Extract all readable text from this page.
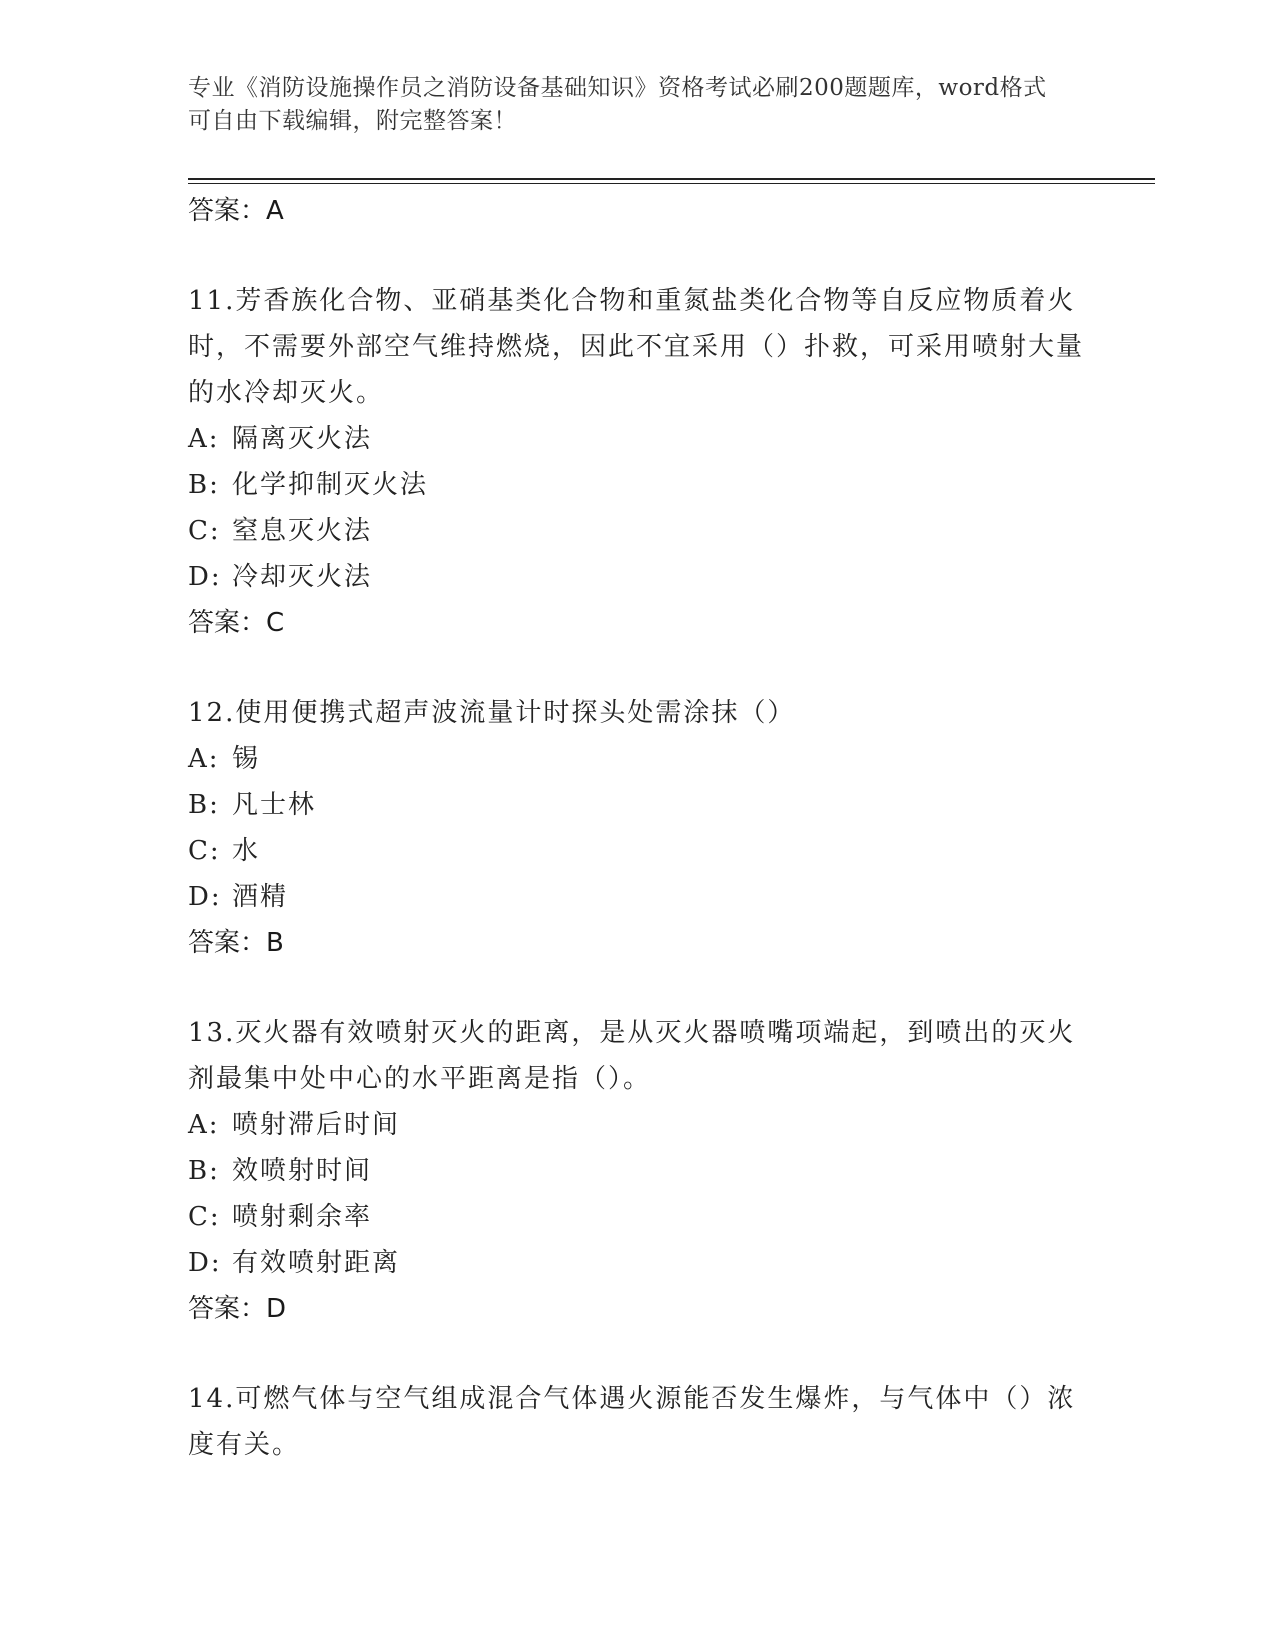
专业《消防设施操作员之消防设备基础知识》资格考试必刷200题题库，word格式可自由下载编辑，附完整答案！
答案：A

11.芳香族化合物、亚硝基类化合物和重氮盐类化合物等自反应物质着火时，不需要外部空气维持燃烧，因此不宜采用（）扑救，可采用喷射大量的水冷却灭火。

A: 隔离灭火法
B: 化学抑制灭火法
C: 窒息灭火法
D: 冷却灭火法
答案：C

12.使用便携式超声波流量计时探头处需涂抹（）

A: 锡
B: 凡士林
C: 水
D: 酒精
答案：B

13.灭火器有效喷射灭火的距离，是从灭火器喷嘴项端起，到喷出的灭火剂最集中处中心的水平距离是指（）。

A: 喷射滞后时间
B: 效喷射时间
C: 喷射剩余率
D: 有效喷射距离
答案：D

14.可燃气体与空气组成混合气体遇火源能否发生爆炸，与气体中（）浓度有关。
